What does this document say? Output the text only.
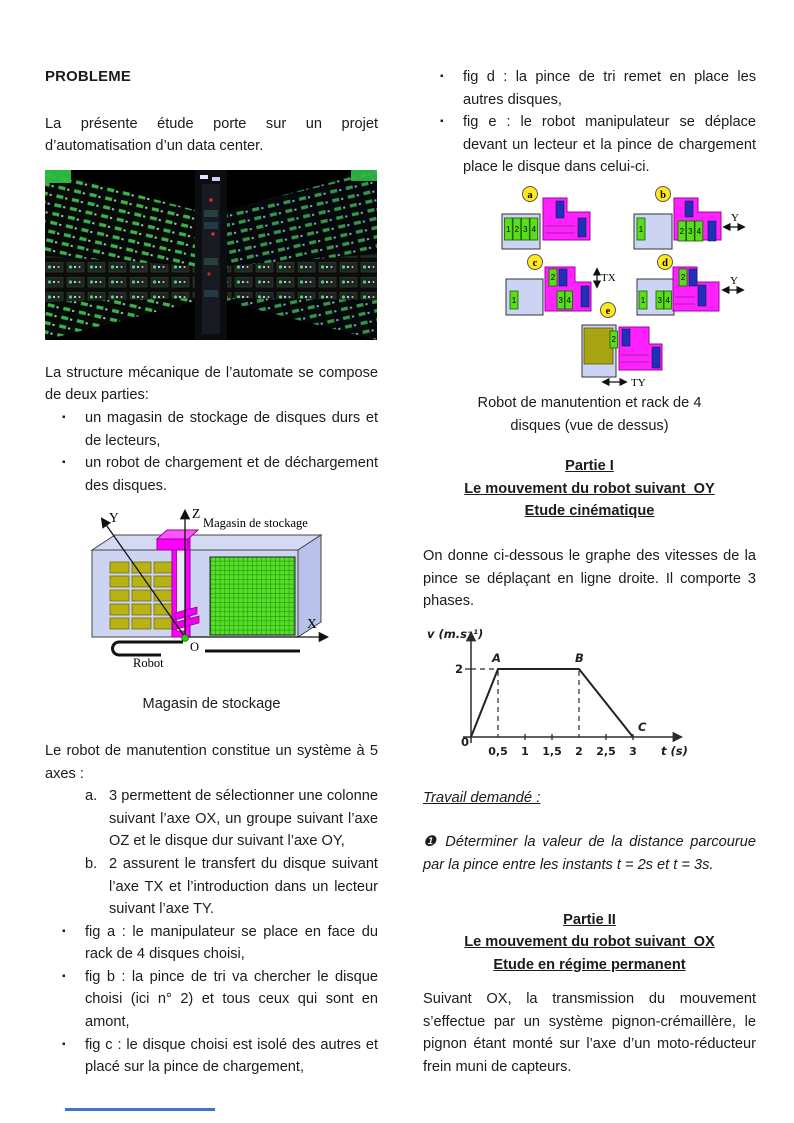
PROBLEME

La présente étude porte sur un projet d’automatisation d’un data center.

La structure mécanique de l’automate se compose de deux parties:

▪ un magasin de stockage de disques durs et de lecteurs,
▪ un robot de chargement et de déchargement des disques.
Z
Y
X
O
Magasin de stockage
Robot
Magasin de stockage

Le robot de manutention constitue un système à 5 axes :

a. 3 permettent de sélectionner une colonne suivant l’axe OX, un groupe suivant l’axe OZ et le disque dur suivant l’axe OY,
b. 2 assurent le transfert du disque suivant l’axe TX et l’introduction dans un lecteur suivant l’axe TY.
▪ fig a : le manipulateur se place en face du rack de 4 disques choisi,
▪ fig b : la pince de tri va chercher le disque choisi (ici n° 2) et tous ceux qui sont en amont,
▪ fig c : le disque choisi est isolé des autres et placé sur la pince de chargement,
▪ fig d : la pince de tri remet en place les autres disques,
▪ fig e : le robot manipulateur se déplace devant un lecteur et la pince de chargement place le disque dans celui-ci.
a
1 2 3 4
b
1	2 3 4
Y
c
1
2
3 4
TX
d
1 3 4
2	Y
e
2
TY
Robot de manutention et rack de 4
disques (vue de dessus)
Partie I
Le mouvement du robot suivant  OY
Etude cinématique

On donne ci-dessous le graphe des vitesses de la pince se déplaçant en ligne droite. Il comporte 3 phases.

v (m.s⁻¹)
2
0
0,5 1 1,5 2 2,5 3 t (s)
A	B
C
Travail demandé :

❶ Déterminer la valeur de la distance parcourue par la pince entre les instants t = 2s et t = 3s.

Partie II
Le mouvement du robot suivant  OX
Etude en régime permanent

Suivant OX, la transmission du mouvement s’effectue par un système pignon-crémaillère, le pignon étant monté sur l’axe d’un moto-réducteur frein muni de capteurs.
